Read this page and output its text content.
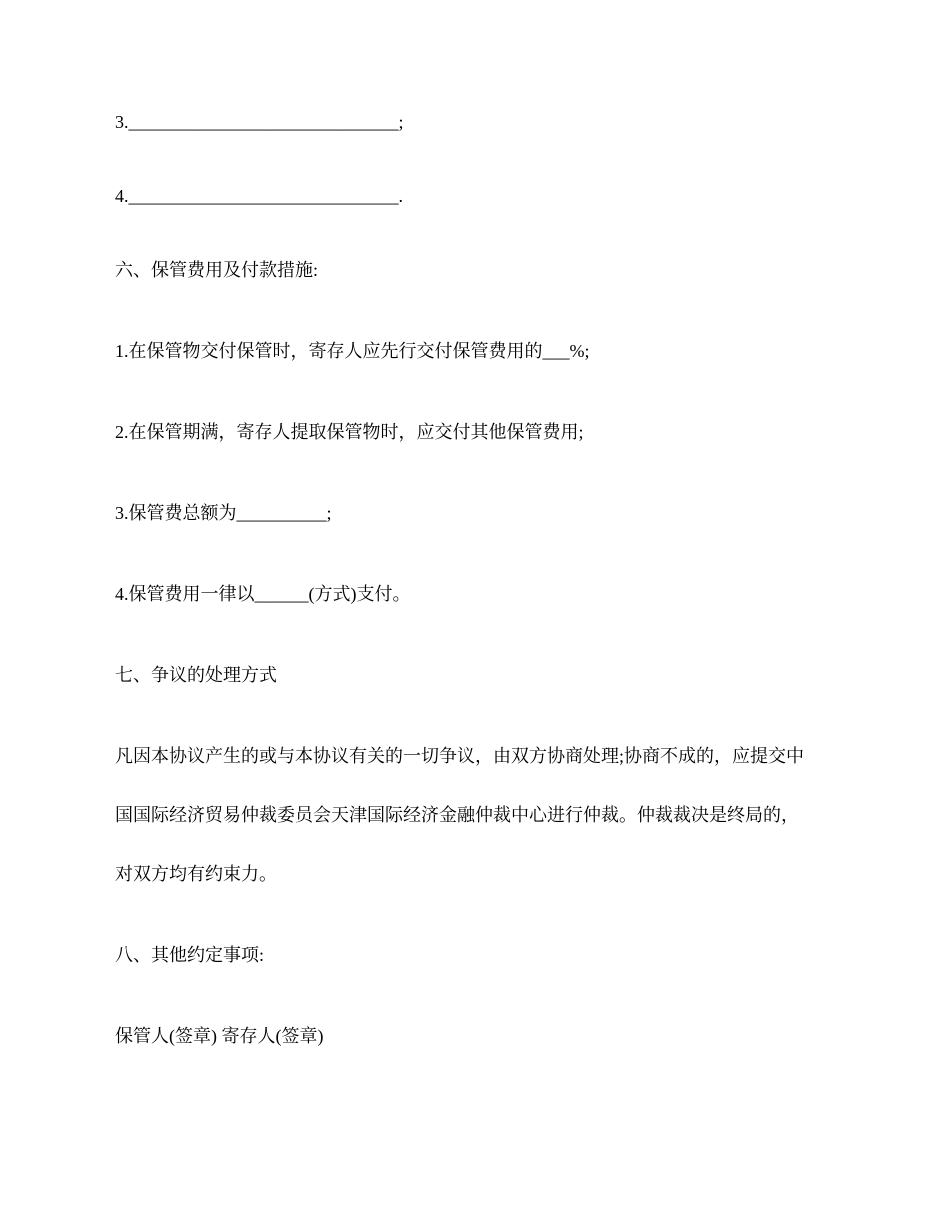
3.______________________________;
4.______________________________.
六、保管费用及付款措施:
1.在保管物交付保管时，寄存人应先行交付保管费用的___%;
2.在保管期满，寄存人提取保管物时，应交付其他保管费用;
3.保管费总额为__________;
4.保管费用一律以______(方式)支付。
七、争议的处理方式
凡因本协议产生的或与本协议有关的一切争议，由双方协商处理;协商不成的，应提交中
国国际经济贸易仲裁委员会天津国际经济金融仲裁中心进行仲裁。仲裁裁决是终局的，
对双方均有约束力。
八、其他约定事项:
保管人(签章) 寄存人(签章)
